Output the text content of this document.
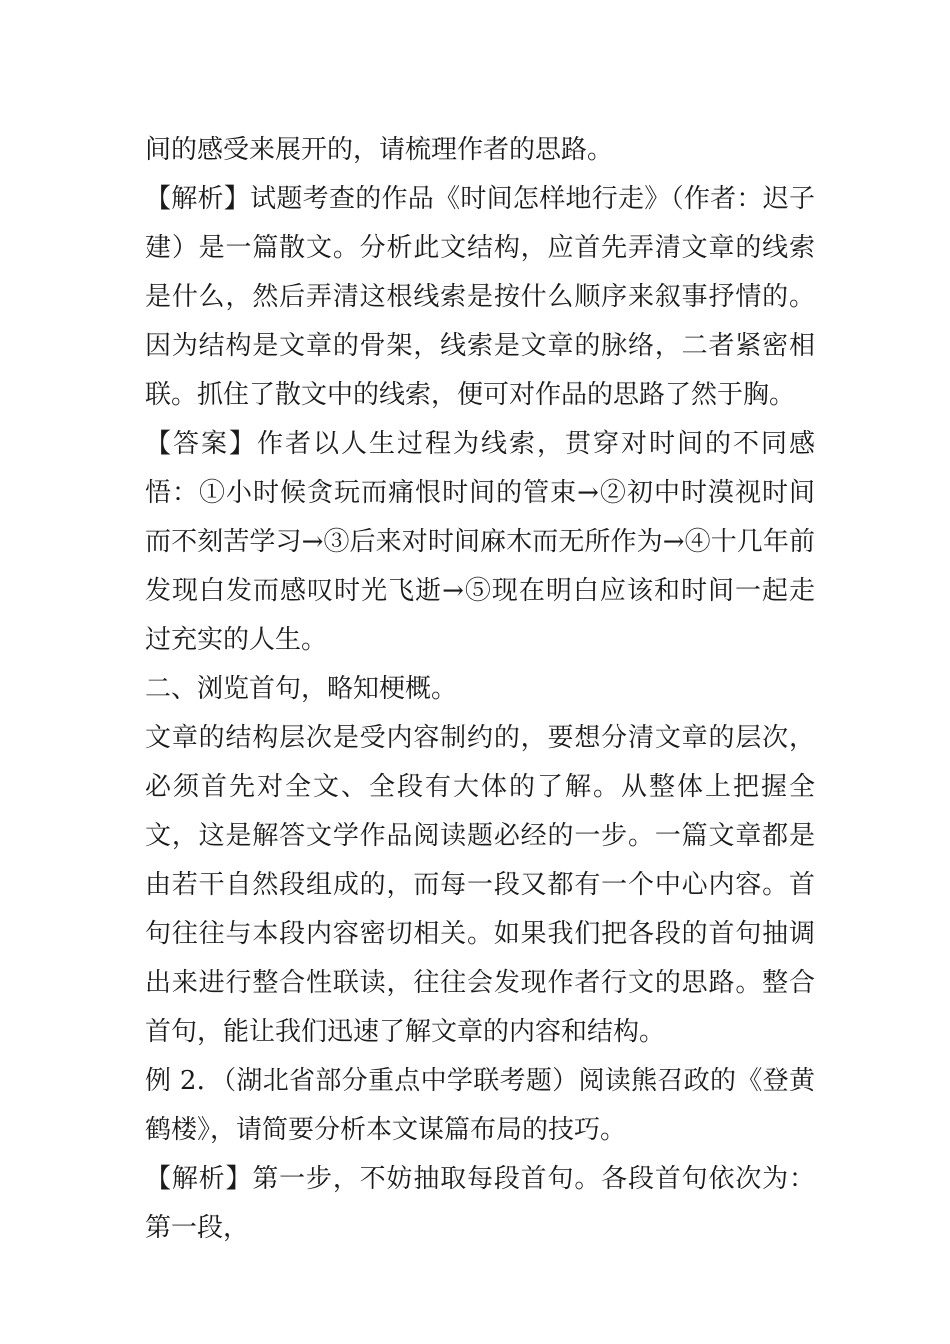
间的感受来展开的，请梳理作者的思路。

【解析】试题考查的作品《时间怎样地行走》（作者：迟子建）是一篇散文。分析此文结构，应首先弄清文章的线索是什么，然后弄清这根线索是按什么顺序来叙事抒情的。因为结构是文章的骨架，线索是文章的脉络，二者紧密相联。抓住了散文中的线索，便可对作品的思路了然于胸。

【答案】作者以人生过程为线索，贯穿对时间的不同感悟：①小时候贪玩而痛恨时间的管束→②初中时漠视时间而不刻苦学习→③后来对时间麻木而无所作为→④十几年前发现白发而感叹时光飞逝→⑤现在明白应该和时间一起走过充实的人生。

二、浏览首句，略知梗概。

文章的结构层次是受内容制约的，要想分清文章的层次，必须首先对全文、全段有大体的了解。从整体上把握全文，这是解答文学作品阅读题必经的一步。一篇文章都是由若干自然段组成的，而每一段又都有一个中心内容。首句往往与本段内容密切相关。如果我们把各段的首句抽调出来进行整合性联读，往往会发现作者行文的思路。整合首句，能让我们迅速了解文章的内容和结构。

例 2．（湖北省部分重点中学联考题）阅读熊召政的《登黄鹤楼》，请简要分析本文谋篇布局的技巧。

【解析】第一步，不妨抽取每段首句。各段首句依次为：第一段，
